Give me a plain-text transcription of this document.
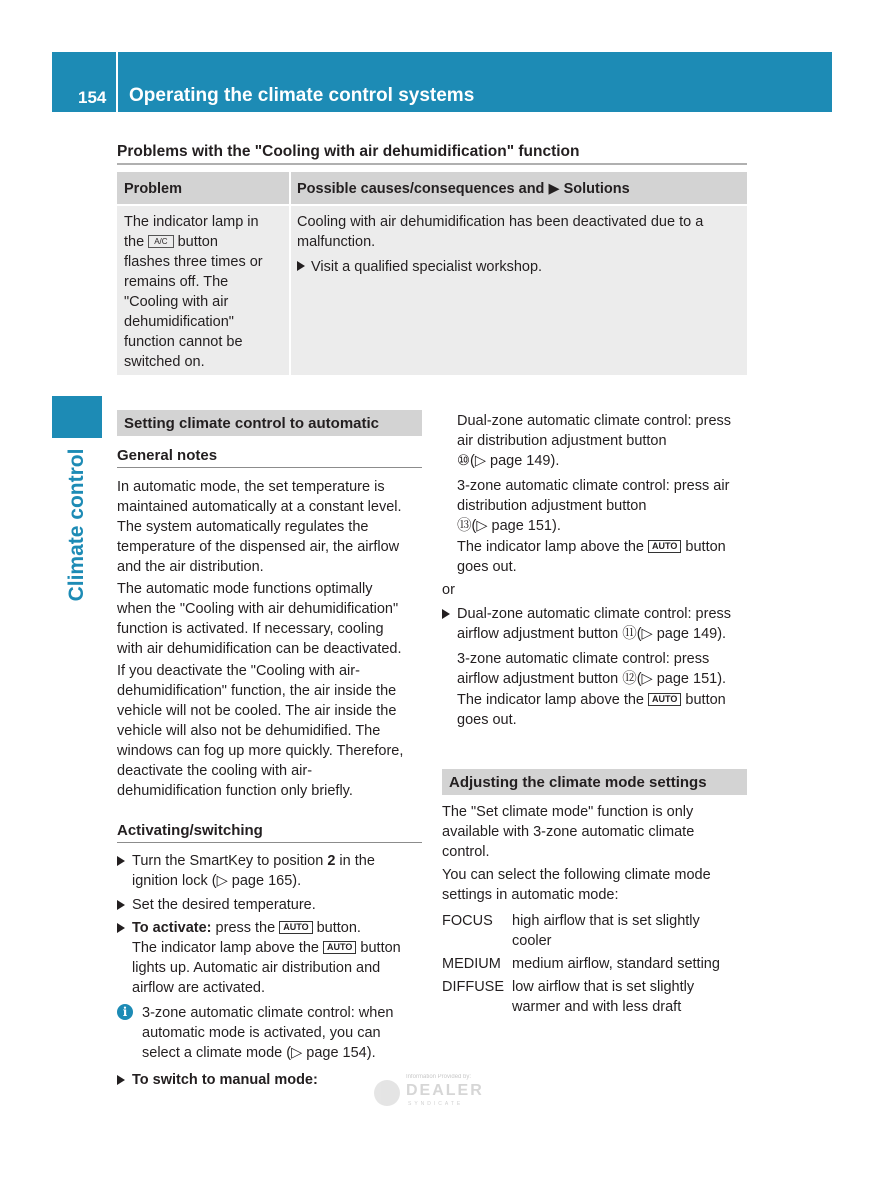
154 Operating the climate control systems
Climate control
Problems with the "Cooling with air dehumidification" function
Problem	Possible causes/consequences and ▶ Solutions
The indicator lamp in
the A/C button
flashes three times or
remains off. The
"Cooling with air
dehumidification"
function cannot be
switched on.
Cooling with air dehumidification has been deactivated due to a
malfunction.
Visit a qualified specialist workshop.
Setting climate control to automatic
General notes
In automatic mode, the set temperature is
maintained automatically at a constant level.
The system automatically regulates the
temperature of the dispensed air, the airflow
and the air distribution.
The automatic mode functions optimally
when the "Cooling with air dehumidification"
function is activated. If necessary, cooling
with air dehumidification can be deactivated.
If you deactivate the "Cooling with air-
dehumidification" function, the air inside the
vehicle will not be cooled. The air inside the
vehicle will also not be dehumidified. The
windows can fog up more quickly. Therefore,
deactivate the cooling with air-
dehumidification function only briefly.
Activating/switching
Turn the SmartKey to position 2 in the
ignition lock (▷ page 165).
Set the desired temperature.
To activate: press the AUTO button.
The indicator lamp above the AUTO button
lights up. Automatic air distribution and
airflow are activated.
i	3-zone automatic climate control: when
automatic mode is activated, you can
select a climate mode (▷ page 154).
To switch to manual mode:
Dual-zone automatic climate control: press
air distribution adjustment button
⑩(▷ page 149).
3-zone automatic climate control: press air
distribution adjustment button
⑬(▷ page 151).
The indicator lamp above the AUTO button
goes out.
or
Dual-zone automatic climate control: press
airflow adjustment button ⑪(▷ page 149).
3-zone automatic climate control: press
airflow adjustment button ⑫(▷ page 151).
The indicator lamp above the AUTO button
goes out.
Adjusting the climate mode settings
The "Set climate mode" function is only
available with 3-zone automatic climate
control.
You can select the following climate mode
settings in automatic mode:
FOCUS high airflow that is set slightly
cooler
MEDIUM medium airflow, standard setting
DIFFUSE low airflow that is set slightly
warmer and with less draft
Information Provided by:
DEALER
SYNDICATE
